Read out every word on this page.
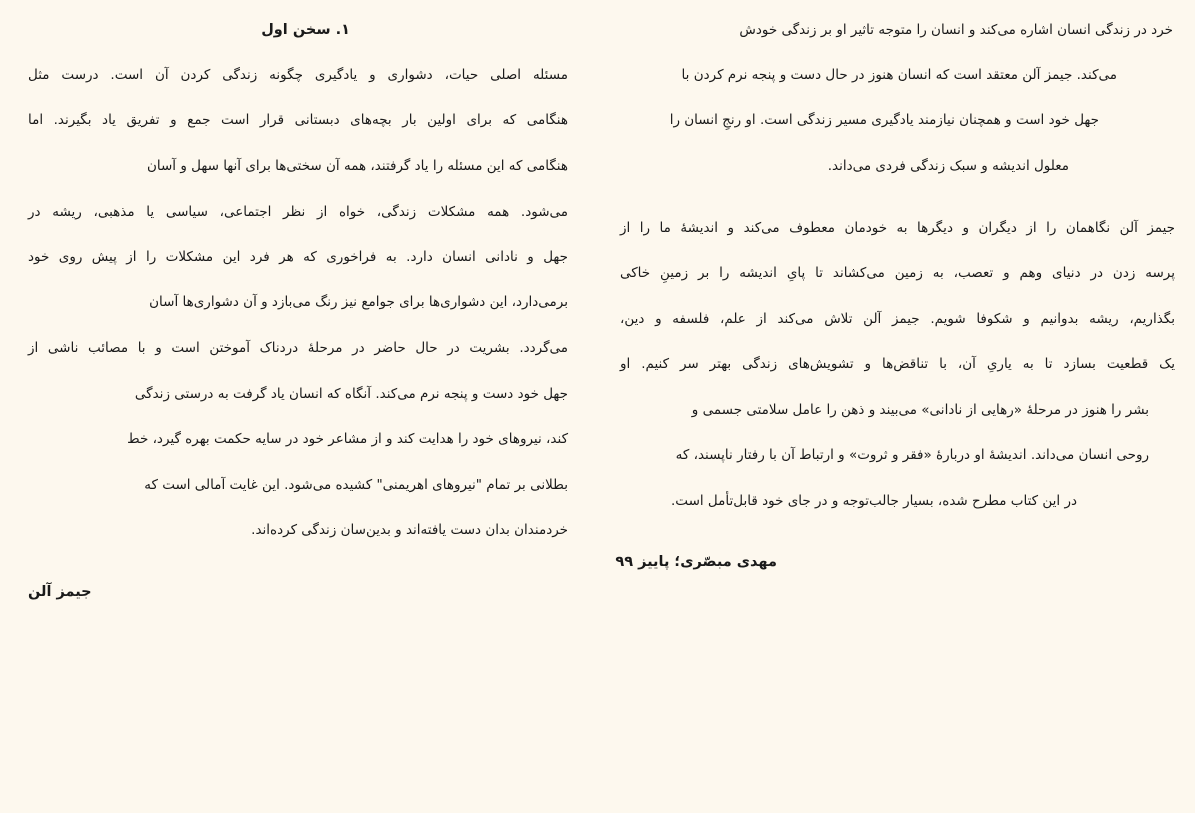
خرد در زندگی انسان اشاره می‌کند و انسان را متوجه تاثیر او بر زندگی خودش
می‌کند. جیمز آلن معتقد است که انسان هنوز در حال دست و پنجه نرم کردن با
جهل خود است و همچنان نیازمند یادگیری مسیر زندگی است. او رنجِ انسان را
معلول اندیشه و سبک زندگی فردی می‌داند.
جیمز آلن نگاهمان را از دیگران و دیگرها به خودمان معطوف می‌کند و اندیشهٔ ما را از
پرسه زدن در دنیای وهم و تعصب، به زمین می‌کشاند تا پایِ اندیشه را بر زمینِ خاکی
بگذاریم، ریشه بدوانیم و شکوفا شویم. جیمز آلن تلاش می‌کند از علم، فلسفه و دین،
یک قطعیت بسازد تا به یاریِ آن، با تناقض‌ها و تشویش‌های زندگی بهتر سر کنیم. او
بشر را هنوز در مرحلهٔ «رهایی از نادانی» می‌بیند و ذهن را عامل سلامتی جسمی و
روحی انسان می‌داند. اندیشهٔ او دربارهٔ «فقر و ثروت» و ارتباط آن با رفتار ناپسند، که
در این کتاب مطرح شده، بسیار جالب‌توجه و در جای خود قابل‌تأمل است.
مهدی مبصّری؛ پاییز ۹۹
۱. سخن اول
مسئله اصلی حیات، دشواری و یادگیری چگونه زندگی کردن آن است. درست مثل
هنگامی که برای اولین بار بچه‌های دبستانی قرار است جمع و تفریق یاد بگیرند. اما
هنگامی که این مسئله را یاد گرفتند، همه آن سختی‌ها برای آنها سهل و آسان
می‌شود. همه مشکلات زندگی، خواه از نظر اجتماعی، سیاسی یا مذهبی، ریشه در
جهل و نادانی انسان دارد. به فراخوری که هر فرد این مشکلات را از پیش روی خود
برمی‌دارد، این دشواری‌ها برای جوامع نیز رنگ می‌بازد و آن دشواری‌ها آسان
می‌گردد. بشریت در حال حاضر در مرحلهٔ دردناک آموختن است و با مصائب ناشی از
جهل خود دست و پنجه نرم می‌کند. آنگاه که انسان یاد گرفت به درستی زندگی
کند، نیروهای خود را هدایت کند و از مشاعر خود در سایه حکمت بهره گیرد، خط
بطلانی بر تمام "نیروهای اهریمنی" کشیده می‌شود. این غایت آمالی است که
خردمندان بدان دست یافته‌اند و بدین‌سان زندگی کرده‌اند.
جیمز آلن
